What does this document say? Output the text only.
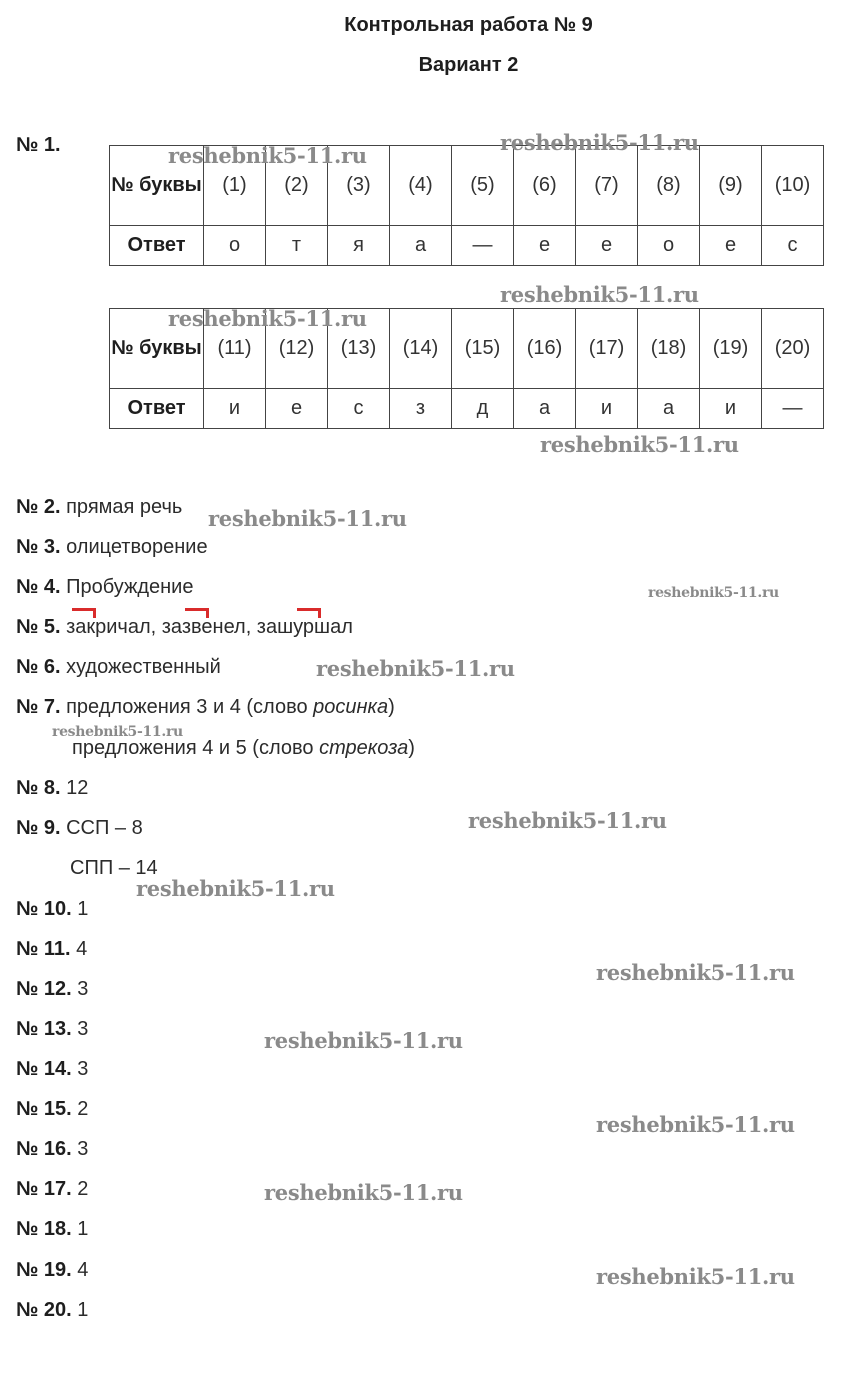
Контрольная работа № 9
Вариант 2
№ 1.
№ буквы	(1)	(2)	(3)	(4)	(5)	(6)	(7)	(8)	(9)	(10)
Ответ	о	т	я	а	—	е	е	о	е	с
№ буквы	(11)	(12)	(13)	(14)	(15)	(16)	(17)	(18)	(19)	(20)
Ответ	и	е	с	з	д	а	и	а	и	—
№ 2. прямая речь
№ 3. олицетворение
№ 4. Пробуждение
№ 5. закричал, зазвенел, зашуршал
№ 6. художественный
№ 7. предложения 3 и 4 (слово росинка)
предложения 4 и 5 (слово стрекоза)
№ 8. 12
№ 9. ССП – 8
СПП – 14
№ 10. 1
№ 11. 4
№ 12. 3
№ 13. 3
№ 14. 3
№ 15. 2
№ 16. 3
№ 17. 2
№ 18. 1
№ 19. 4
№ 20. 1
reshebnik5-11.ru
reshebnik5-11.ru
reshebnik5-11.ru
reshebnik5-11.ru
reshebnik5-11.ru
reshebnik5-11.ru
reshebnik5-11.ru
reshebnik5-11.ru
reshebnik5-11.ru
reshebnik5-11.ru
reshebnik5-11.ru
reshebnik5-11.ru
reshebnik5-11.ru
reshebnik5-11.ru
reshebnik5-11.ru
reshebnik5-11.ru
